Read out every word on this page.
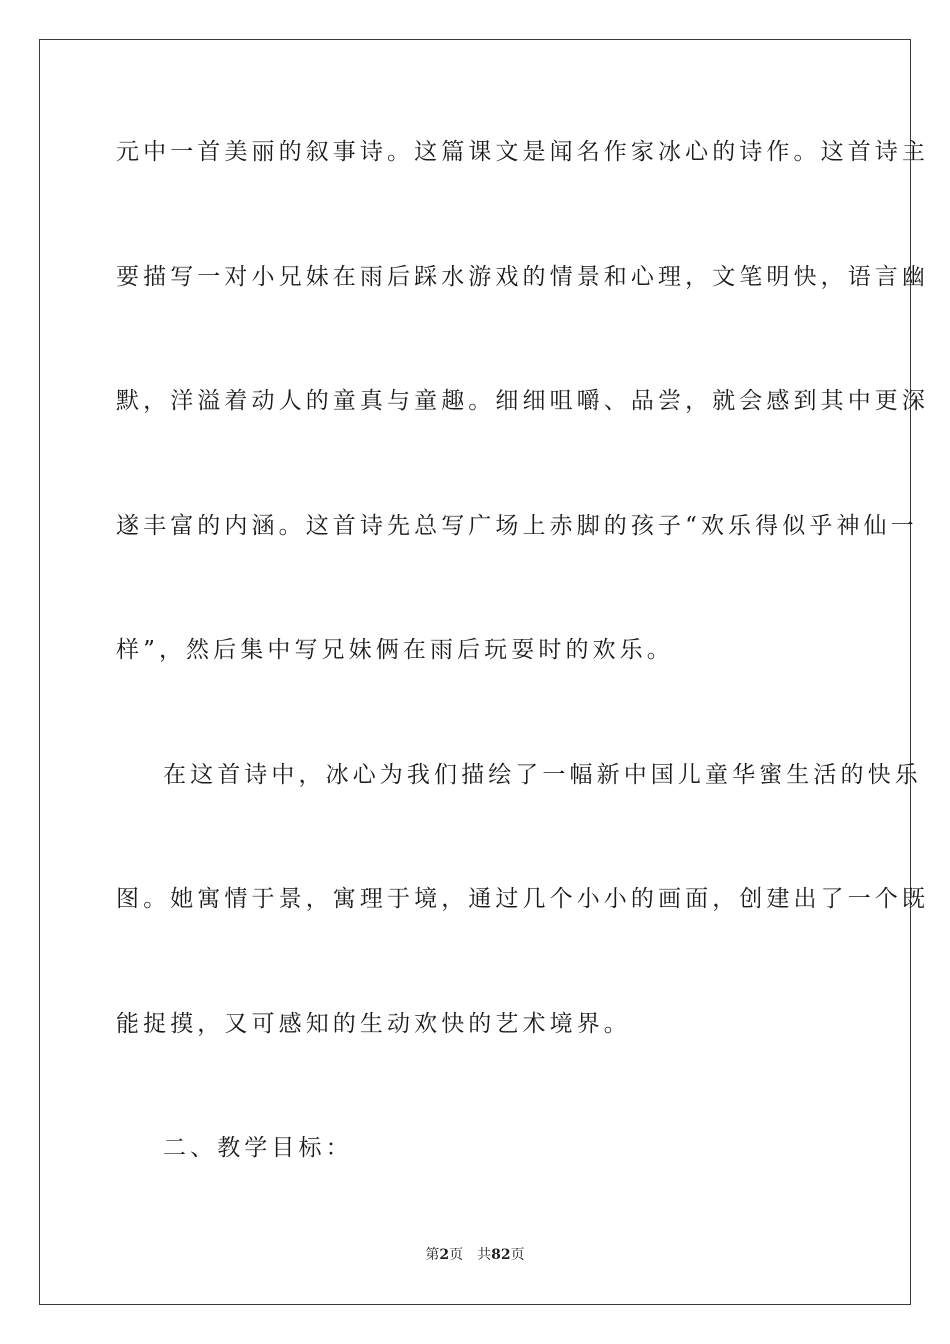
元中一首美丽的叙事诗。这篇课文是闻名作家冰心的诗作。这首诗主
要描写一对小兄妹在雨后踩水游戏的情景和心理，文笔明快，语言幽
默，洋溢着动人的童真与童趣。细细咀嚼、品尝，就会感到其中更深
遂丰富的内涵。这首诗先总写广场上赤脚的孩子“欢乐得似乎神仙一
样”，然后集中写兄妹俩在雨后玩耍时的欢乐。
在这首诗中，冰心为我们描绘了一幅新中国儿童华蜜生活的快乐
图。她寓情于景，寓理于境，通过几个小小的画面，创建出了一个既
能捉摸，又可感知的生动欢快的艺术境界。
二、教学目标：
第2页 共82页
